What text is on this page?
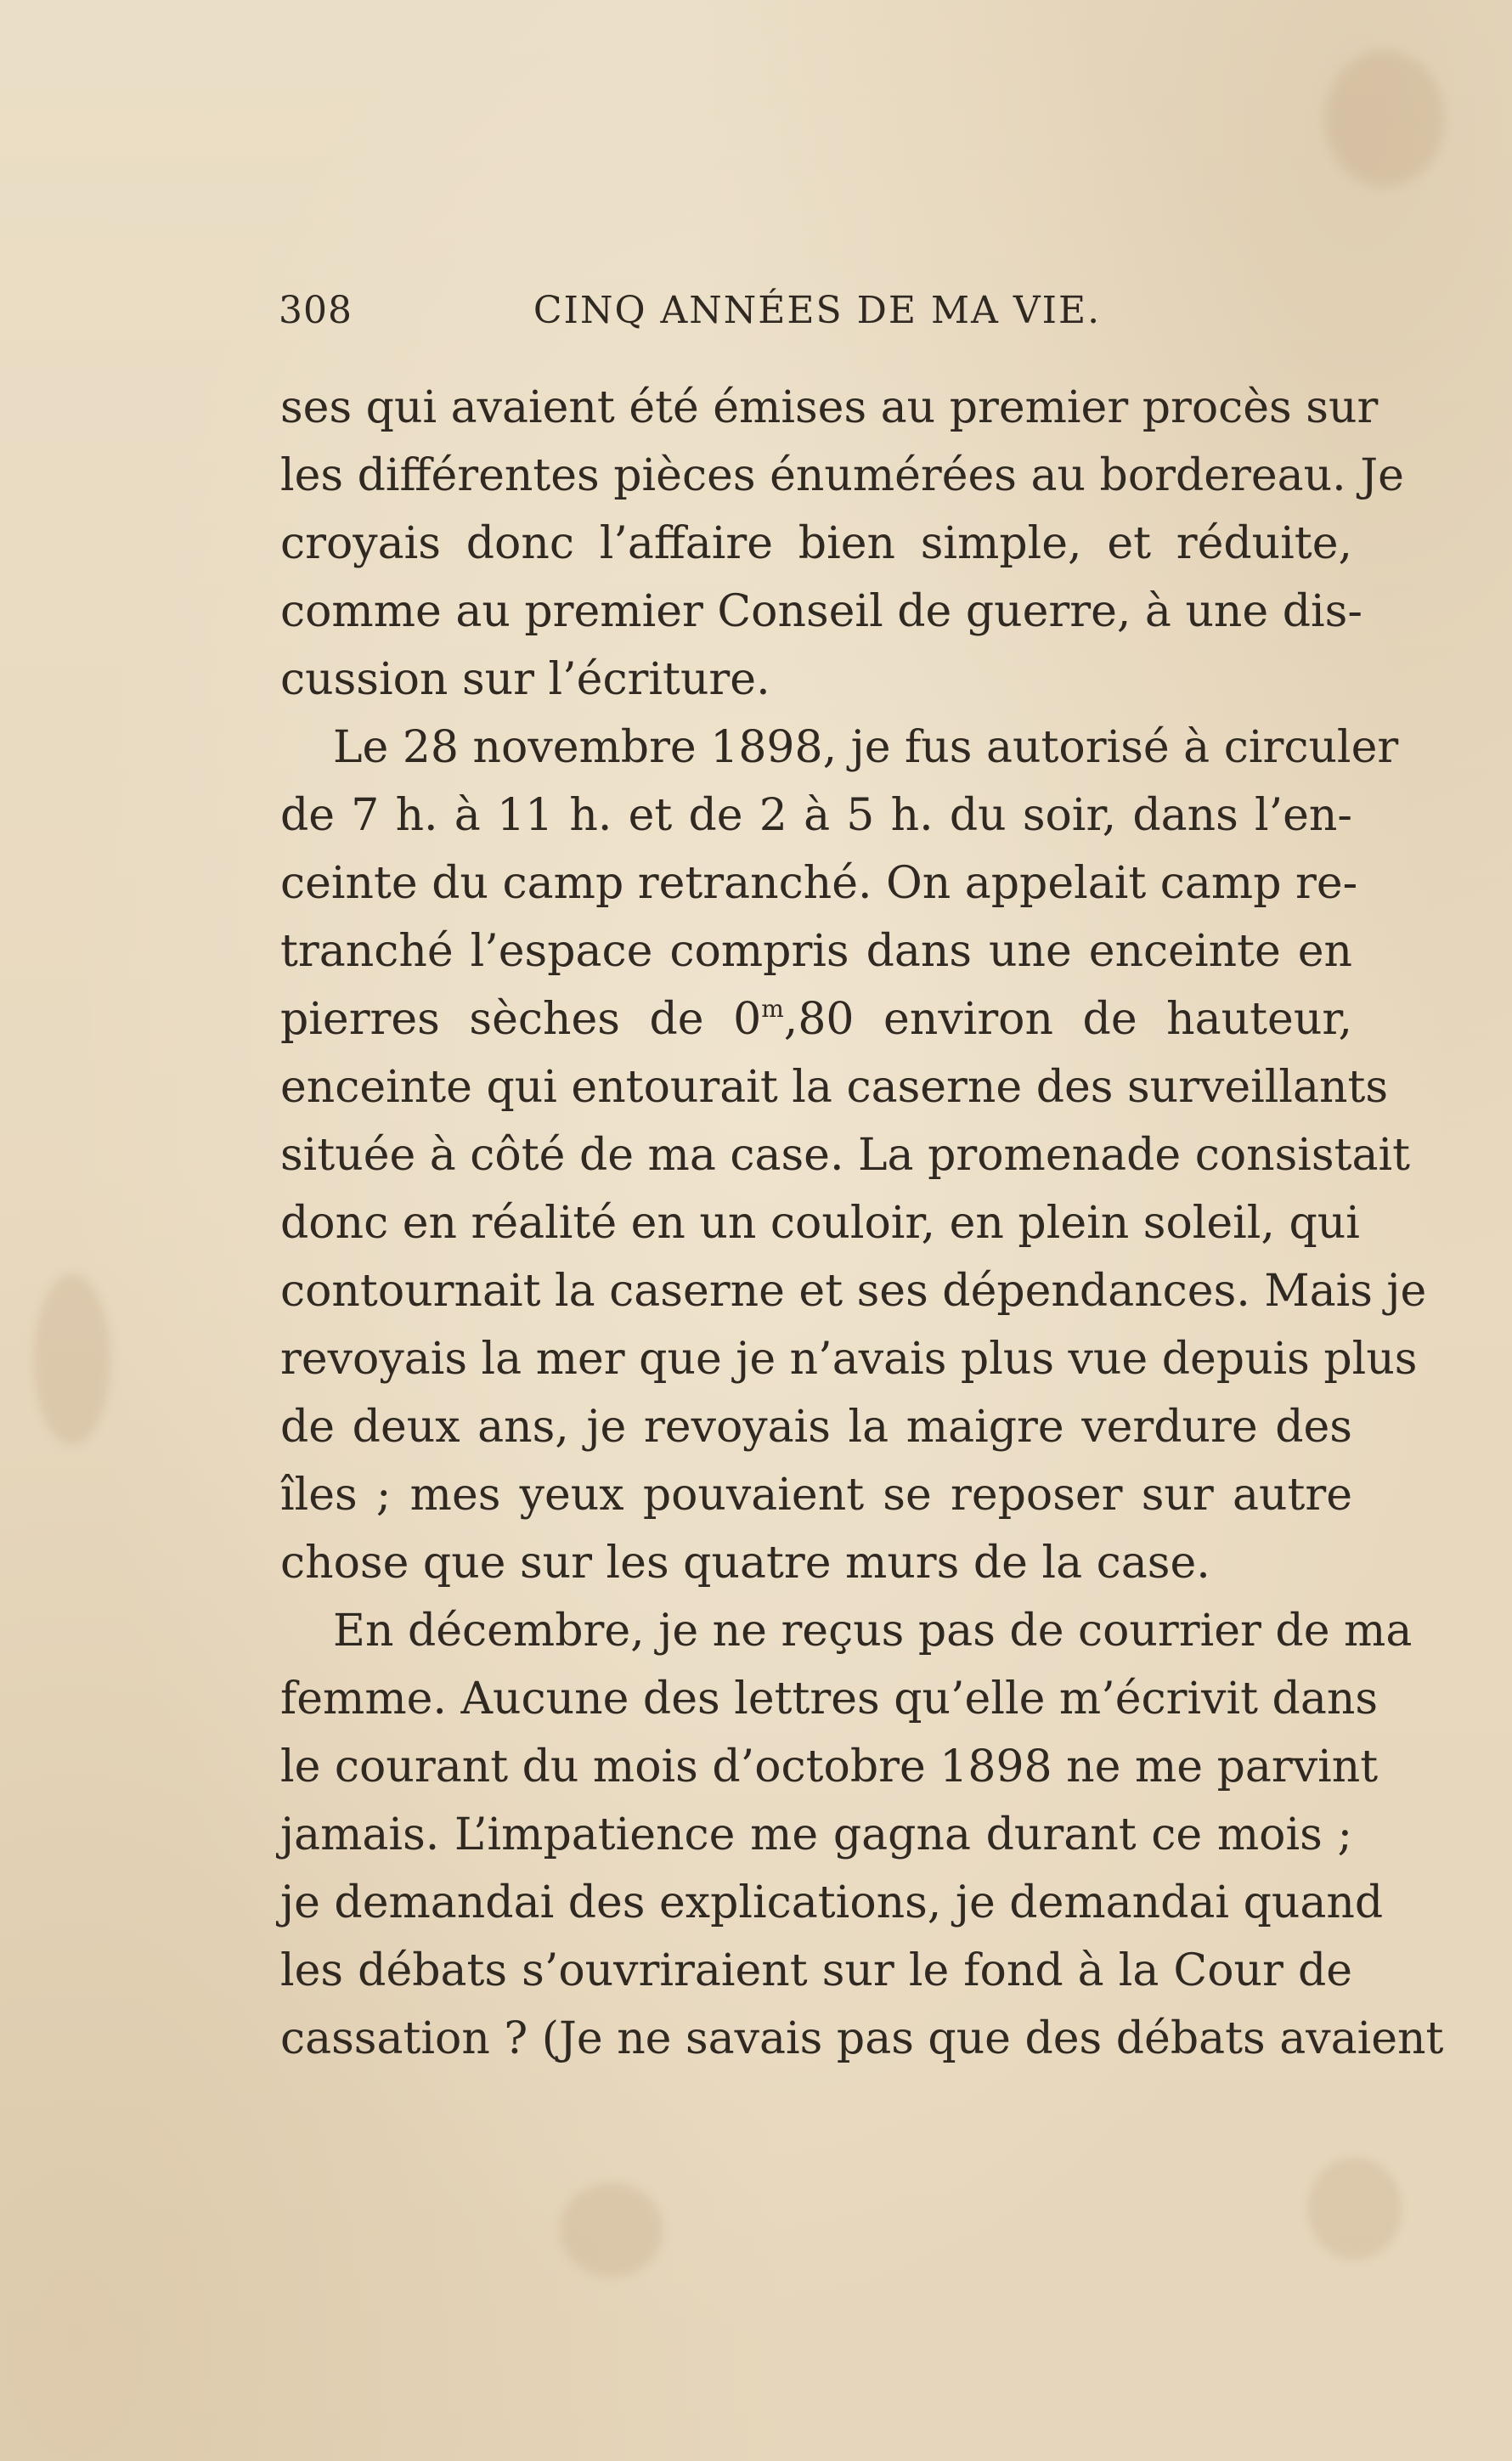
308	CINQ ANNÉES DE MA VIE.
ses qui avaient été émises au premier procès sur
les différentes pièces énumérées au bordereau. Je
croyais donc l’affaire bien simple, et réduite,
comme au premier Conseil de guerre, à une dis-
cussion sur l’écriture.
Le 28 novembre 1898, je fus autorisé à circuler
de 7 h. à 11 h. et de 2 à 5 h. du soir, dans l’en-
ceinte du camp retranché. On appelait camp re-
tranché l’espace compris dans une enceinte en
pierres sèches de 0$^m$,80 environ de hauteur,
enceinte qui entourait la caserne des surveillants
située à côté de ma case. La promenade consistait
donc en réalité en un couloir, en plein soleil, qui
contournait la caserne et ses dépendances. Mais je
revoyais la mer que je n’avais plus vue depuis plus
de deux ans, je revoyais la maigre verdure des
îles ; mes yeux pouvaient se reposer sur autre
chose que sur les quatre murs de la case.
En décembre, je ne reçus pas de courrier de ma
femme. Aucune des lettres qu’elle m’écrivit dans
le courant du mois d’octobre 1898 ne me parvint
jamais. L’impatience me gagna durant ce mois ;
je demandai des explications, je demandai quand
les débats s’ouvriraient sur le fond à la Cour de
cassation ? (Je ne savais pas que des débats avaient
